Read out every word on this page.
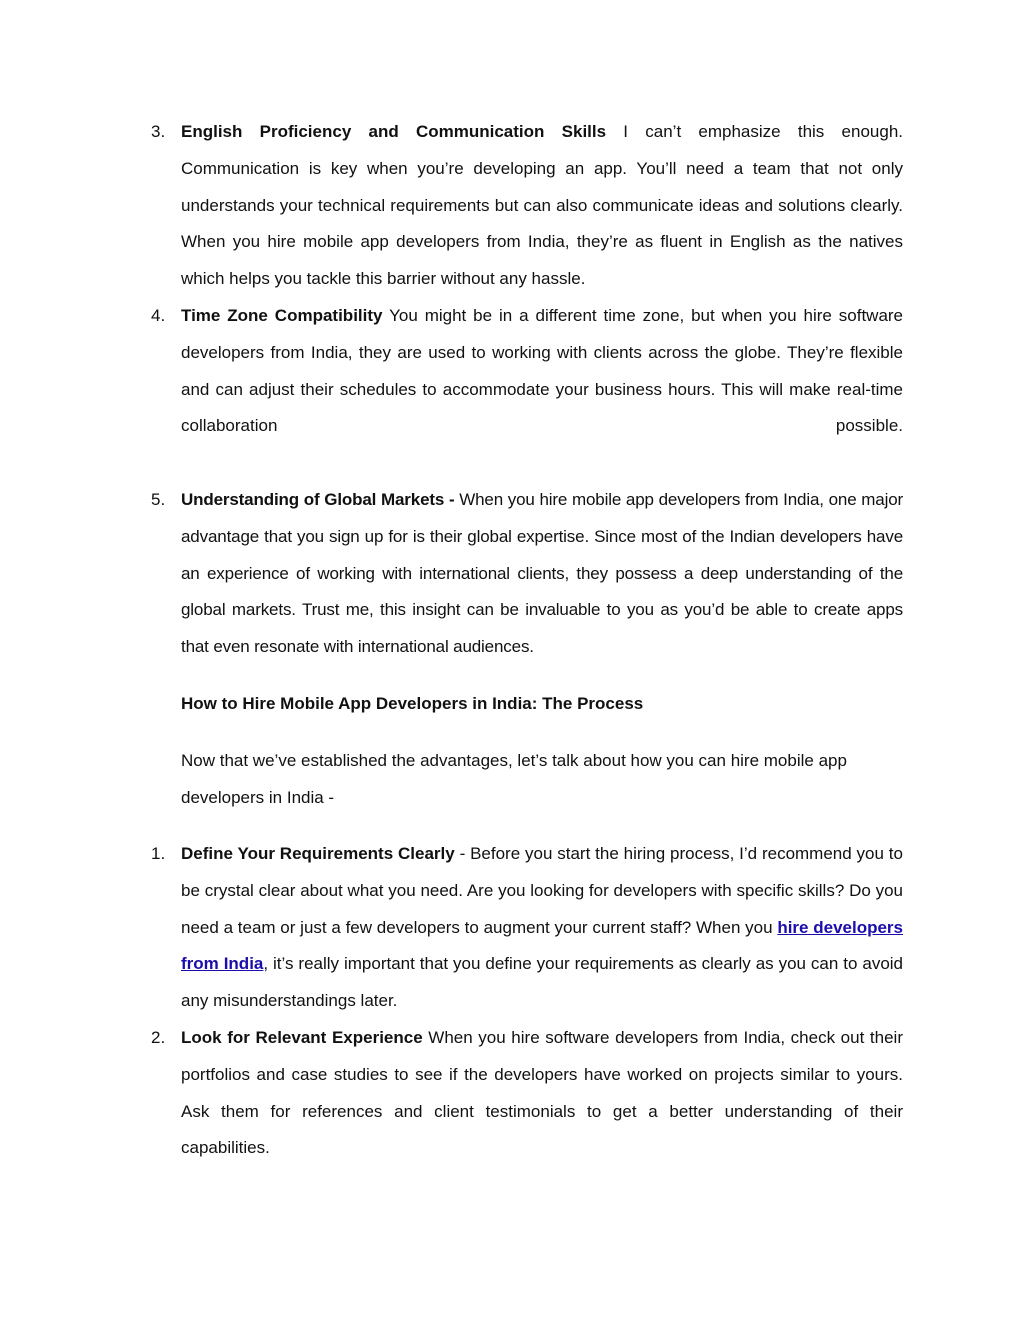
3. English Proficiency and Communication Skills I can’t emphasize this enough. Communication is key when you’re developing an app. You’ll need a team that not only understands your technical requirements but can also communicate ideas and solutions clearly. When you hire mobile app developers from India, they’re as fluent in English as the natives which helps you tackle this barrier without any hassle.

4. Time Zone Compatibility You might be in a different time zone, but when you hire software developers from India, they are used to working with clients across the globe. They’re flexible and can adjust their schedules to accommodate your business hours. This will make real-time collaboration possible.

5. Understanding of Global Markets - When you hire mobile app developers from India, one major advantage that you sign up for is their global expertise. Since most of the Indian developers have an experience of working with international clients, they possess a deep understanding of the global markets. Trust me, this insight can be invaluable to you as you’d be able to create apps that even resonate with international audiences.

How to Hire Mobile App Developers in India: The Process

Now that we’ve established the advantages, let’s talk about how you can hire mobile app developers in India -

1. Define Your Requirements Clearly - Before you start the hiring process, I’d recommend you to be crystal clear about what you need. Are you looking for developers with specific skills? Do you need a team or just a few developers to augment your current staff? When you hire developers from India, it’s really important that you define your requirements as clearly as you can to avoid any misunderstandings later.

2. Look for Relevant Experience When you hire software developers from India, check out their portfolios and case studies to see if the developers have worked on projects similar to yours. Ask them for references and client testimonials to get a better understanding of their capabilities.
